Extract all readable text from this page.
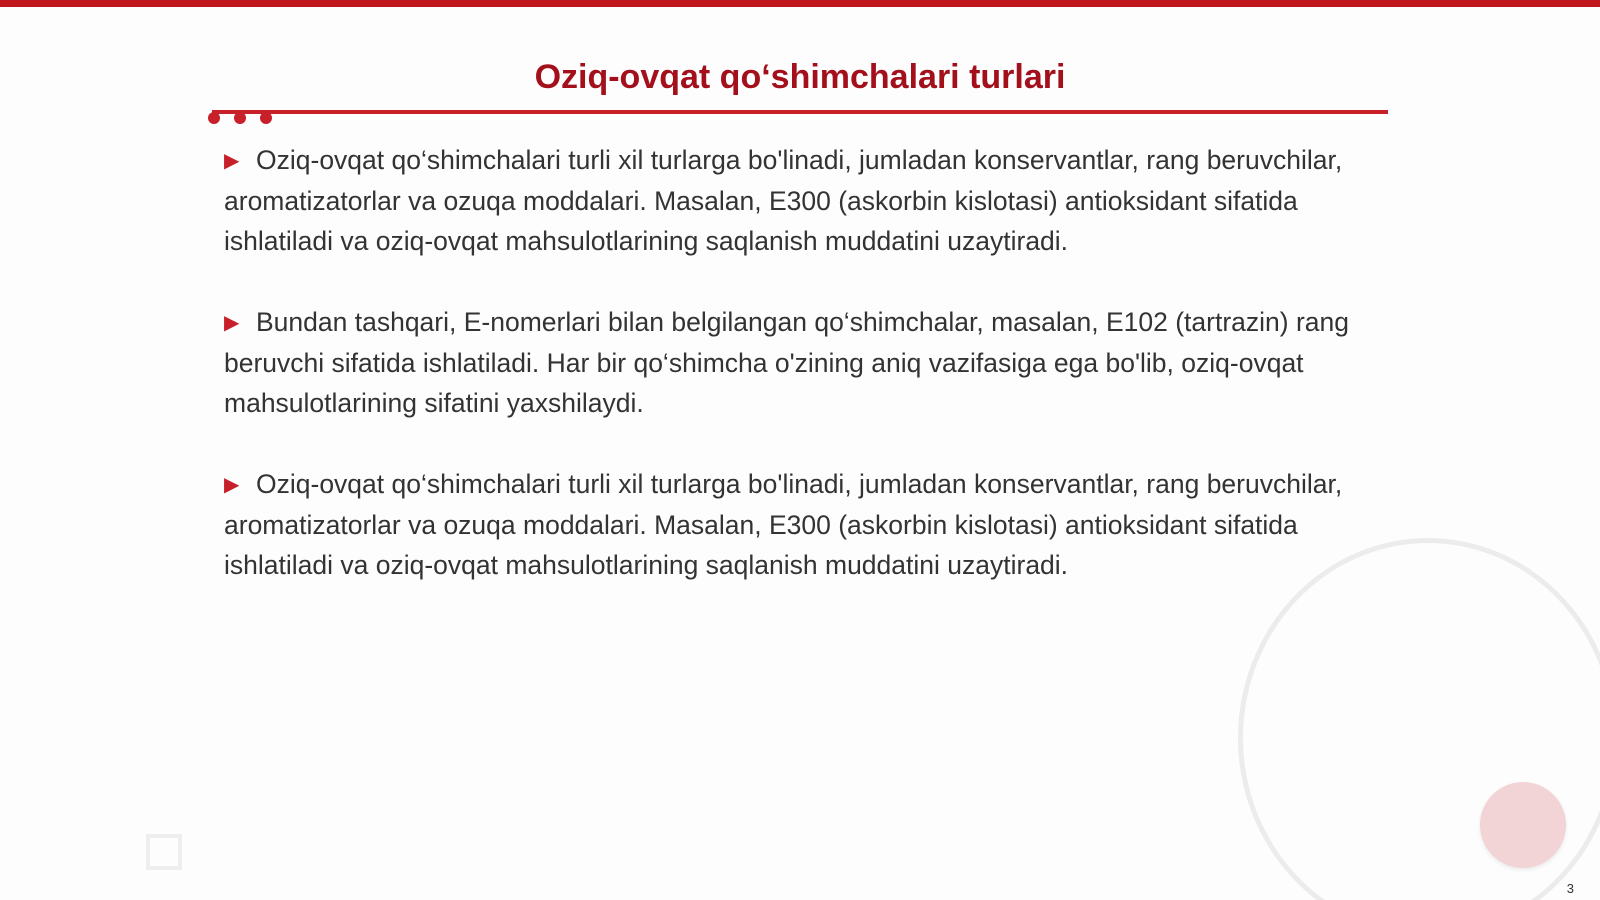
Oziq-ovqat qo‘shimchalari turlari

▶ Oziq-ovqat qo‘shimchalari turli xil turlarga bo'linadi, jumladan konservantlar, rang beruvchilar, aromatizatorlar va ozuqa moddalari. Masalan, E300 (askorbin kislotasi) antioksidant sifatida ishlatiladi va oziq-ovqat mahsulotlarining saqlanish muddatini uzaytiradi.

▶ Bundan tashqari, E-nomerlari bilan belgilangan qo‘shimchalar, masalan, E102 (tartrazin) rang beruvchi sifatida ishlatiladi. Har bir qo‘shimcha o'zining aniq vazifasiga ega bo'lib, oziq-ovqat mahsulotlarining sifatini yaxshilaydi.

▶ Oziq-ovqat qo‘shimchalari turli xil turlarga bo'linadi, jumladan konservantlar, rang beruvchilar, aromatizatorlar va ozuqa moddalari. Masalan, E300 (askorbin kislotasi) antioksidant sifatida ishlatiladi va oziq-ovqat mahsulotlarining saqlanish muddatini uzaytiradi.

3
